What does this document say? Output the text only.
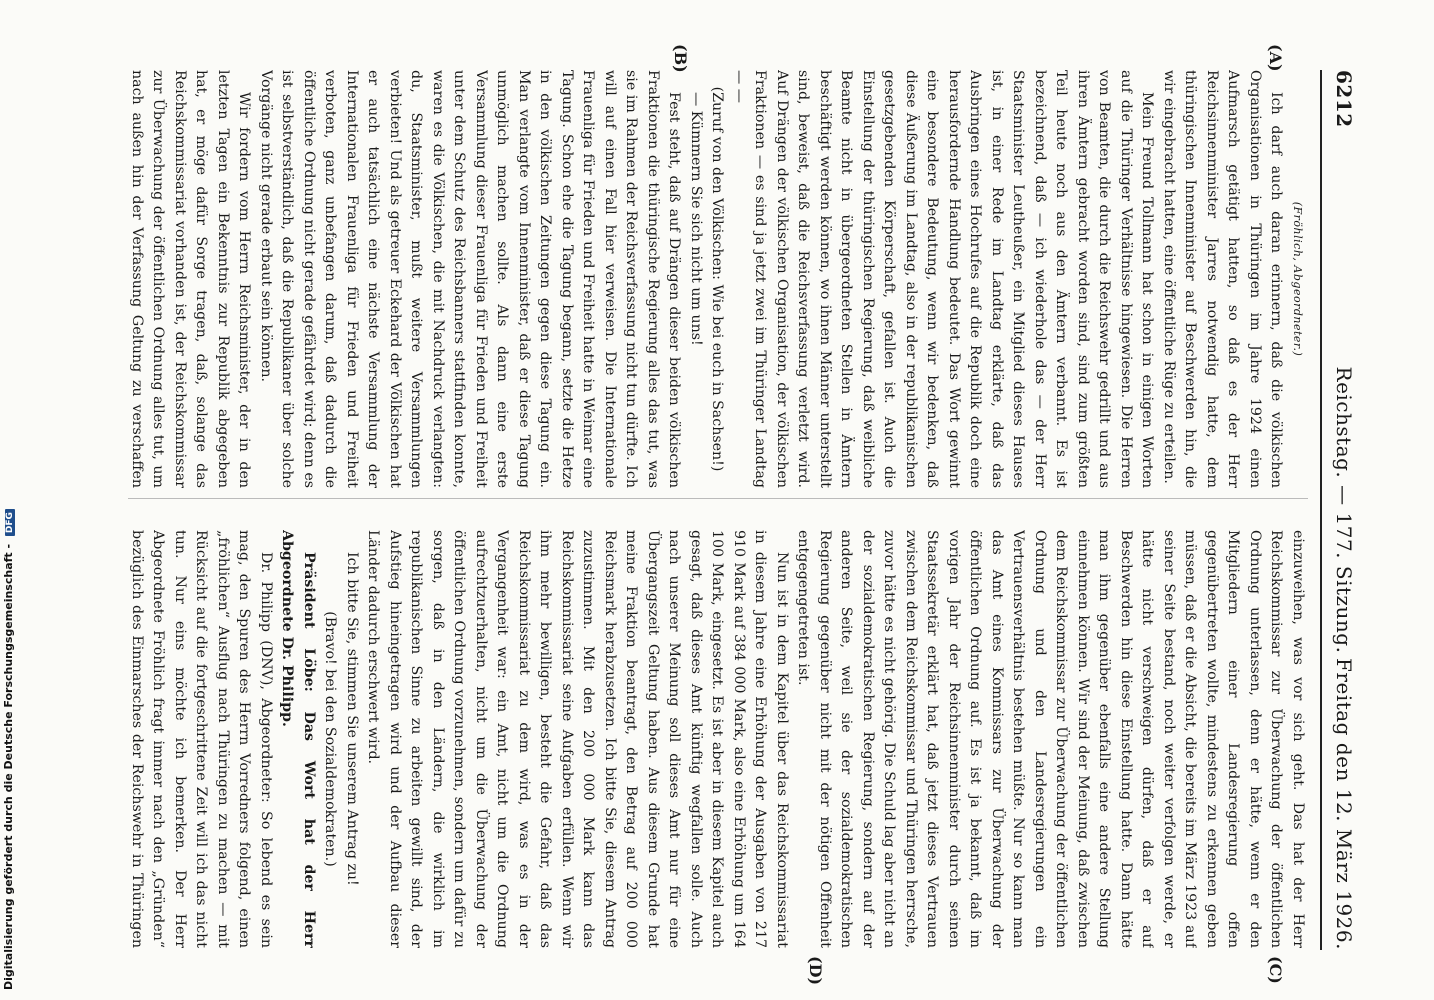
6212
Reichstag. — 177. Sitzung.
Freitag den 12. März 1926.
(A)
(B)
(C)
(D)

(Fröhlich, Abgeordneter.)

Ich darf auch daran erinnern, daß die völkischen Organisationen in Thüringen im Jahre 1924 einen Aufmarsch getätigt hatten, so daß es der Herr Reichsinnenminister Jarres notwendig hatte, dem thüringischen Innenminister auf Beschwerden hin, die wir eingebracht hatten, eine öffentliche Rüge zu erteilen.

Mein Freund Tollmann hat schon in einigen Worten auf die Thüringer Verhältnisse hingewiesen. Die Herren von Beamten, die durch die Reichswehr gedrillt und aus ihren Ämtern gebracht worden sind, sind zum größten Teil heute noch aus den Ämtern verbannt. Es ist bezeichnend, daß — ich wiederhole das — der Herr Staatsminister Leutheußer, ein Mitglied dieses Hauses ist, in einer Rede im Landtag erklärte, daß das Ausbringen eines Hochrufes auf die Republik doch eine herausfordernde Handlung bedeutet. Das Wort gewinnt eine besondere Bedeutung, wenn wir bedenken, daß diese Äußerung im Landtag, also in der republikanischen gesetzgebenden Körperschaft, gefallen ist. Auch die Einstellung der thüringischen Regierung, daß weibliche Beamte nicht in übergeordneten Stellen in Ämtern beschäftigt werden können, wo ihnen Männer unterstellt sind, beweist, daß die Reichsverfassung verletzt wird. Auf Drängen der völkischen Organisation, der völkischen Fraktionen — es sind ja jetzt zwei im Thüringer Landtag — —

(Zuruf von den Völkischen: Wie bei euch in Sachsen!)

— Kümmern Sie sich nicht um uns!

Fest steht, daß auf Drängen dieser beiden völkischen Fraktionen die thüringische Regierung alles das tut, was sie im Rahmen der Reichsverfassung nicht tun dürfte. Ich will auf einen Fall hier verweisen. Die Internationale Frauenliga für Frieden und Freiheit hatte in Weimar eine Tagung. Schon ehe die Tagung begann, setzte die Hetze in den völkischen Zeitungen gegen diese Tagung ein. Man verlangte vom Innenminister, daß er diese Tagung unmöglich machen sollte. Als dann eine erste Versammlung dieser Frauenliga für Frieden und Freiheit unter dem Schutz des Reichsbanners stattfinden konnte, waren es die Völkischen, die mit Nachdruck verlangten: du, Staatsminister, mußt weitere Versammlungen verbieten! Und als getreuer Eckehard der Völkischen hat er auch tatsächlich eine nächste Versammlung der Internationalen Frauenliga für Frieden und Freiheit verboten, ganz unbefangen darum, daß dadurch die öffentliche Ordnung nicht gerade gefährdet wird; denn es ist selbstverständlich, daß die Republikaner über solche Vorgänge nicht gerade erbaut sein können.

Wir fordern vom Herrn Reichsminister, der in den letzten Tagen ein Bekenntnis zur Republik abgegeben hat, er möge dafür Sorge tragen, daß, solange das Reichskommissariat vorhanden ist, der Reichskommissar zur Überwachung der öffentlichen Ordnung alles tut, um nach außen hin der Verfassung Geltung zu verschaffen

einzuweihen, was vor sich geht. Das hat der Herr Reichskommissar zur Überwachung der öffentlichen Ordnung unterlassen, denn er hätte, wenn er den Mitgliedern einer Landesregierung offen gegenübertreten wollte, mindestens zu erkennen geben müssen, daß er die Absicht, die bereits im März 1923 auf seiner Seite bestand, noch weiter verfolgen werde, er hätte nicht verschweigen dürfen, daß er auf Beschwerden hin diese Einstellung hatte. Dann hätte man ihm gegenüber ebenfalls eine andere Stellung einnehmen können. Wir sind der Meinung, daß zwischen dem Reichskommissar zur Überwachung der öffentlichen Ordnung und den Landesregierungen ein Vertrauensverhältnis bestehen müßte. Nur so kann man das Amt eines Kommissars zur Überwachung der öffentlichen Ordnung auf. Es ist ja bekannt, daß im vorigen Jahr der Reichsinnenminister durch seinen Staatssekretär erklärt hat, daß jetzt dieses Vertrauen zwischen dem Reichskommissar und Thüringen herrsche, zuvor hätte es nicht gehörig. Die Schuld lag aber nicht an der sozialdemokratischen Regierung, sondern auf der anderen Seite, weil sie der sozialdemokratischen Regierung gegenüber nicht mit der nötigen Offenheit entgegengetreten ist.

Nun ist in dem Kapitel über das Reichskommissariat in diesem Jahre eine Erhöhung der Ausgaben von 217 910 Mark auf 384 000 Mark, also eine Erhöhung um 164 100 Mark, eingesetzt. Es ist aber in diesem Kapitel auch gesagt, daß dieses Amt künftig wegfallen solle. Auch nach unserer Meinung soll dieses Amt nur für eine Übergangszeit Geltung haben. Aus diesem Grunde hat meine Fraktion beantragt, den Betrag auf 200 000 Reichsmark herabzusetzen. Ich bitte Sie, diesem Antrag zuzustimmen. Mit den 200 000 Mark kann das Reichskommissariat seine Aufgaben erfüllen. Wenn wir ihm mehr bewilligen, besteht die Gefahr, daß das Reichskommissariat zu dem wird, was es in der Vergangenheit war: ein Amt, nicht um die Ordnung aufrechtzuerhalten, nicht um die Überwachung der öffentlichen Ordnung vorzunehmen, sondern um dafür zu sorgen, daß in den Ländern, die wirklich im republikanischen Sinne zu arbeiten gewillt sind, der Aufstieg hineingetragen wird und der Aufbau dieser Länder dadurch erschwert wird.

Ich bitte Sie, stimmen Sie unserem Antrag zu!

(Bravo! bei den Sozialdemokraten.)

Präsident Löbe: Das Wort hat der Herr Abgeordnete Dr. Philipp.

Dr. Philipp (DNV), Abgeordneter: So lebend es sein mag, den Spuren des Herrn Vorredners folgend, einen „fröhlichen“ Ausflug nach Thüringen zu machen — mit Rücksicht auf die fortgeschrittene Zeit will ich das nicht tun. Nur eins möchte ich bemerken. Der Herr Abgeordnete Fröhlich fragt immer nach den „Gründen“ bezüglich des Einmarsches der Reichswehr in Thüringen

Digitalisierung gefördert durch die Deutsche Forschungsgemeinschaft - DFG
